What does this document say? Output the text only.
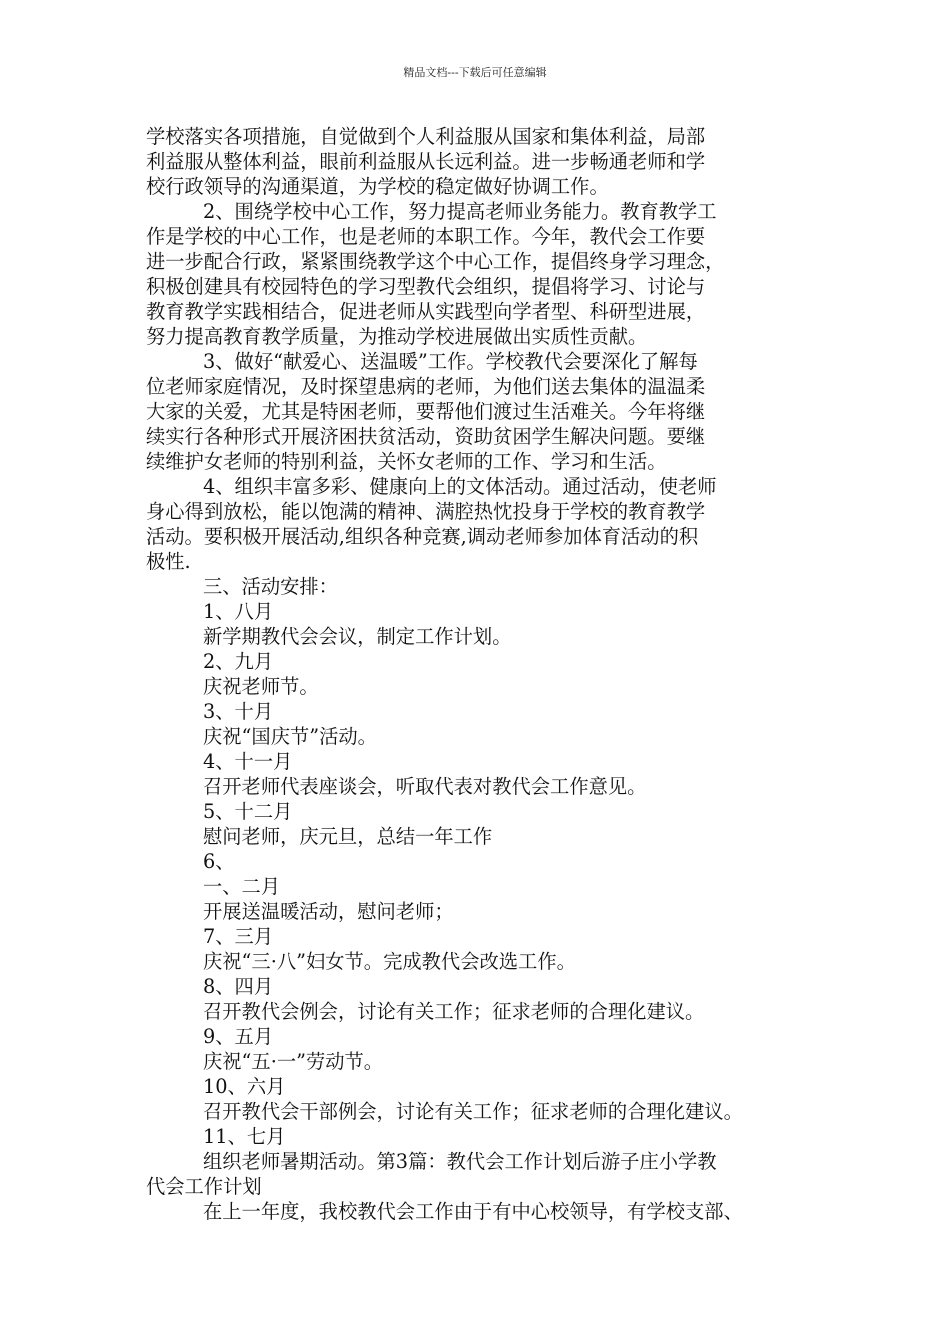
精品文档---下载后可任意编辑
学校落实各项措施，自觉做到个人利益服从国家和集体利益，局部
利益服从整体利益，眼前利益服从长远利益。进一步畅通老师和学
校行政领导的沟通渠道，为学校的稳定做好协调工作。
2、围绕学校中心工作，努力提高老师业务能力。教育教学工
作是学校的中心工作，也是老师的本职工作。今年，教代会工作要
进一步配合行政，紧紧围绕教学这个中心工作，提倡终身学习理念，
积极创建具有校园特色的学习型教代会组织，提倡将学习、讨论与
教育教学实践相结合，促进老师从实践型向学者型、科研型进展，
努力提高教育教学质量，为推动学校进展做出实质性贡献。
3、做好“献爱心、送温暖”工作。学校教代会要深化了解每
位老师家庭情况，及时探望患病的老师，为他们送去集体的温温柔
大家的关爱，尤其是特困老师，要帮他们渡过生活难关。今年将继
续实行各种形式开展济困扶贫活动，资助贫困学生解决问题。要继
续维护女老师的特别利益，关怀女老师的工作、学习和生活。
4、组织丰富多彩、健康向上的文体活动。通过活动，使老师
身心得到放松，能以饱满的精神、满腔热忱投身于学校的教育教学
活动。要积极开展活动,组织各种竞赛,调动老师参加体育活动的积
极性.
三、活动安排：
1、八月
新学期教代会会议，制定工作计划。
2、九月
庆祝老师节。
3、十月
庆祝“国庆节”活动。
4、十一月
召开老师代表座谈会，听取代表对教代会工作意见。
5、十二月
慰问老师，庆元旦，总结一年工作
6、
一、二月
开展送温暖活动，慰问老师；
7、三月
庆祝“三·八”妇女节。完成教代会改选工作。
8、四月
召开教代会例会，讨论有关工作；征求老师的合理化建议。
9、五月
庆祝“五·一”劳动节。
10、六月
召开教代会干部例会，讨论有关工作；征求老师的合理化建议。
11、七月
组织老师暑期活动。第3篇：教代会工作计划后游子庄小学教
代会工作计划
在上一年度，我校教代会工作由于有中心校领导，有学校支部、
